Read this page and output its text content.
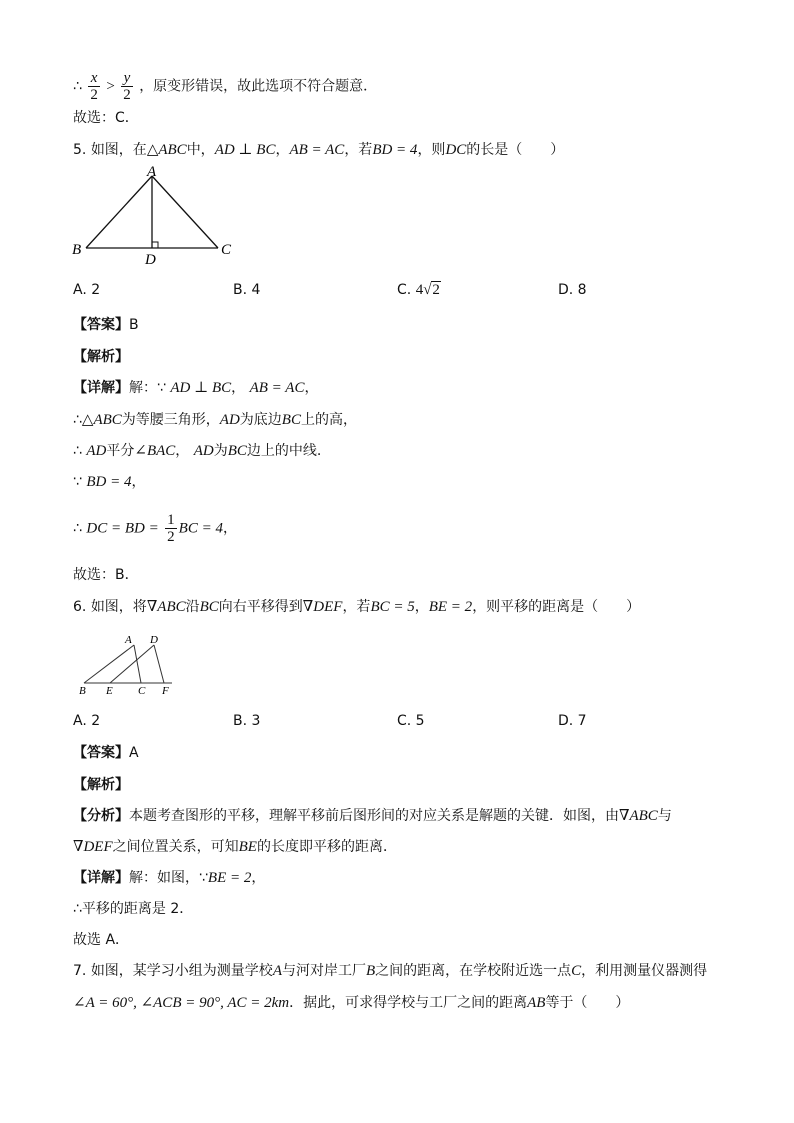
∴ $\frac{x}{2} > \frac{y}{2}$ ，原变形错误，故此选项不符合题意．
故选：C．
5. 如图，在△ABC中，AD ⊥ BC，AB = AC，若BD = 4，则DC的长是（　　）
A
B	C
D
A. 2	B. 4	C. 4√2	D. 8
【答案】B
【解析】
【详解】解：∵ AD ⊥ BC， AB = AC，
∴△ABC为等腰三角形，AD为底边BC上的高，
∴ AD平分∠BAC， AD为BC边上的中线.
∵ BD = 4，
∴ DC = BD = $\frac{1}{2}$ BC = 4，
故选：B．
6. 如图，将∇ABC沿BC向右平移得到∇DEF，若BC = 5，BE = 2，则平移的距离是（　　）
A D
B E C F
A. 2	B. 3	C. 5	D. 7
【答案】A
【解析】
【分析】本题考查图形的平移，理解平移前后图形间的对应关系是解题的关键．如图，由∇ABC与
∇DEF之间位置关系，可知BE的长度即平移的距离．
【详解】解：如图，∵BE = 2，
∴平移的距离是 2．
故选 A．
7. 如图，某学习小组为测量学校A与河对岸工厂B之间的距离，在学校附近选一点C，利用测量仪器测得
∠A = 60°, ∠ACB = 90°, AC = 2km．据此，可求得学校与工厂之间的距离AB等于（　　）
